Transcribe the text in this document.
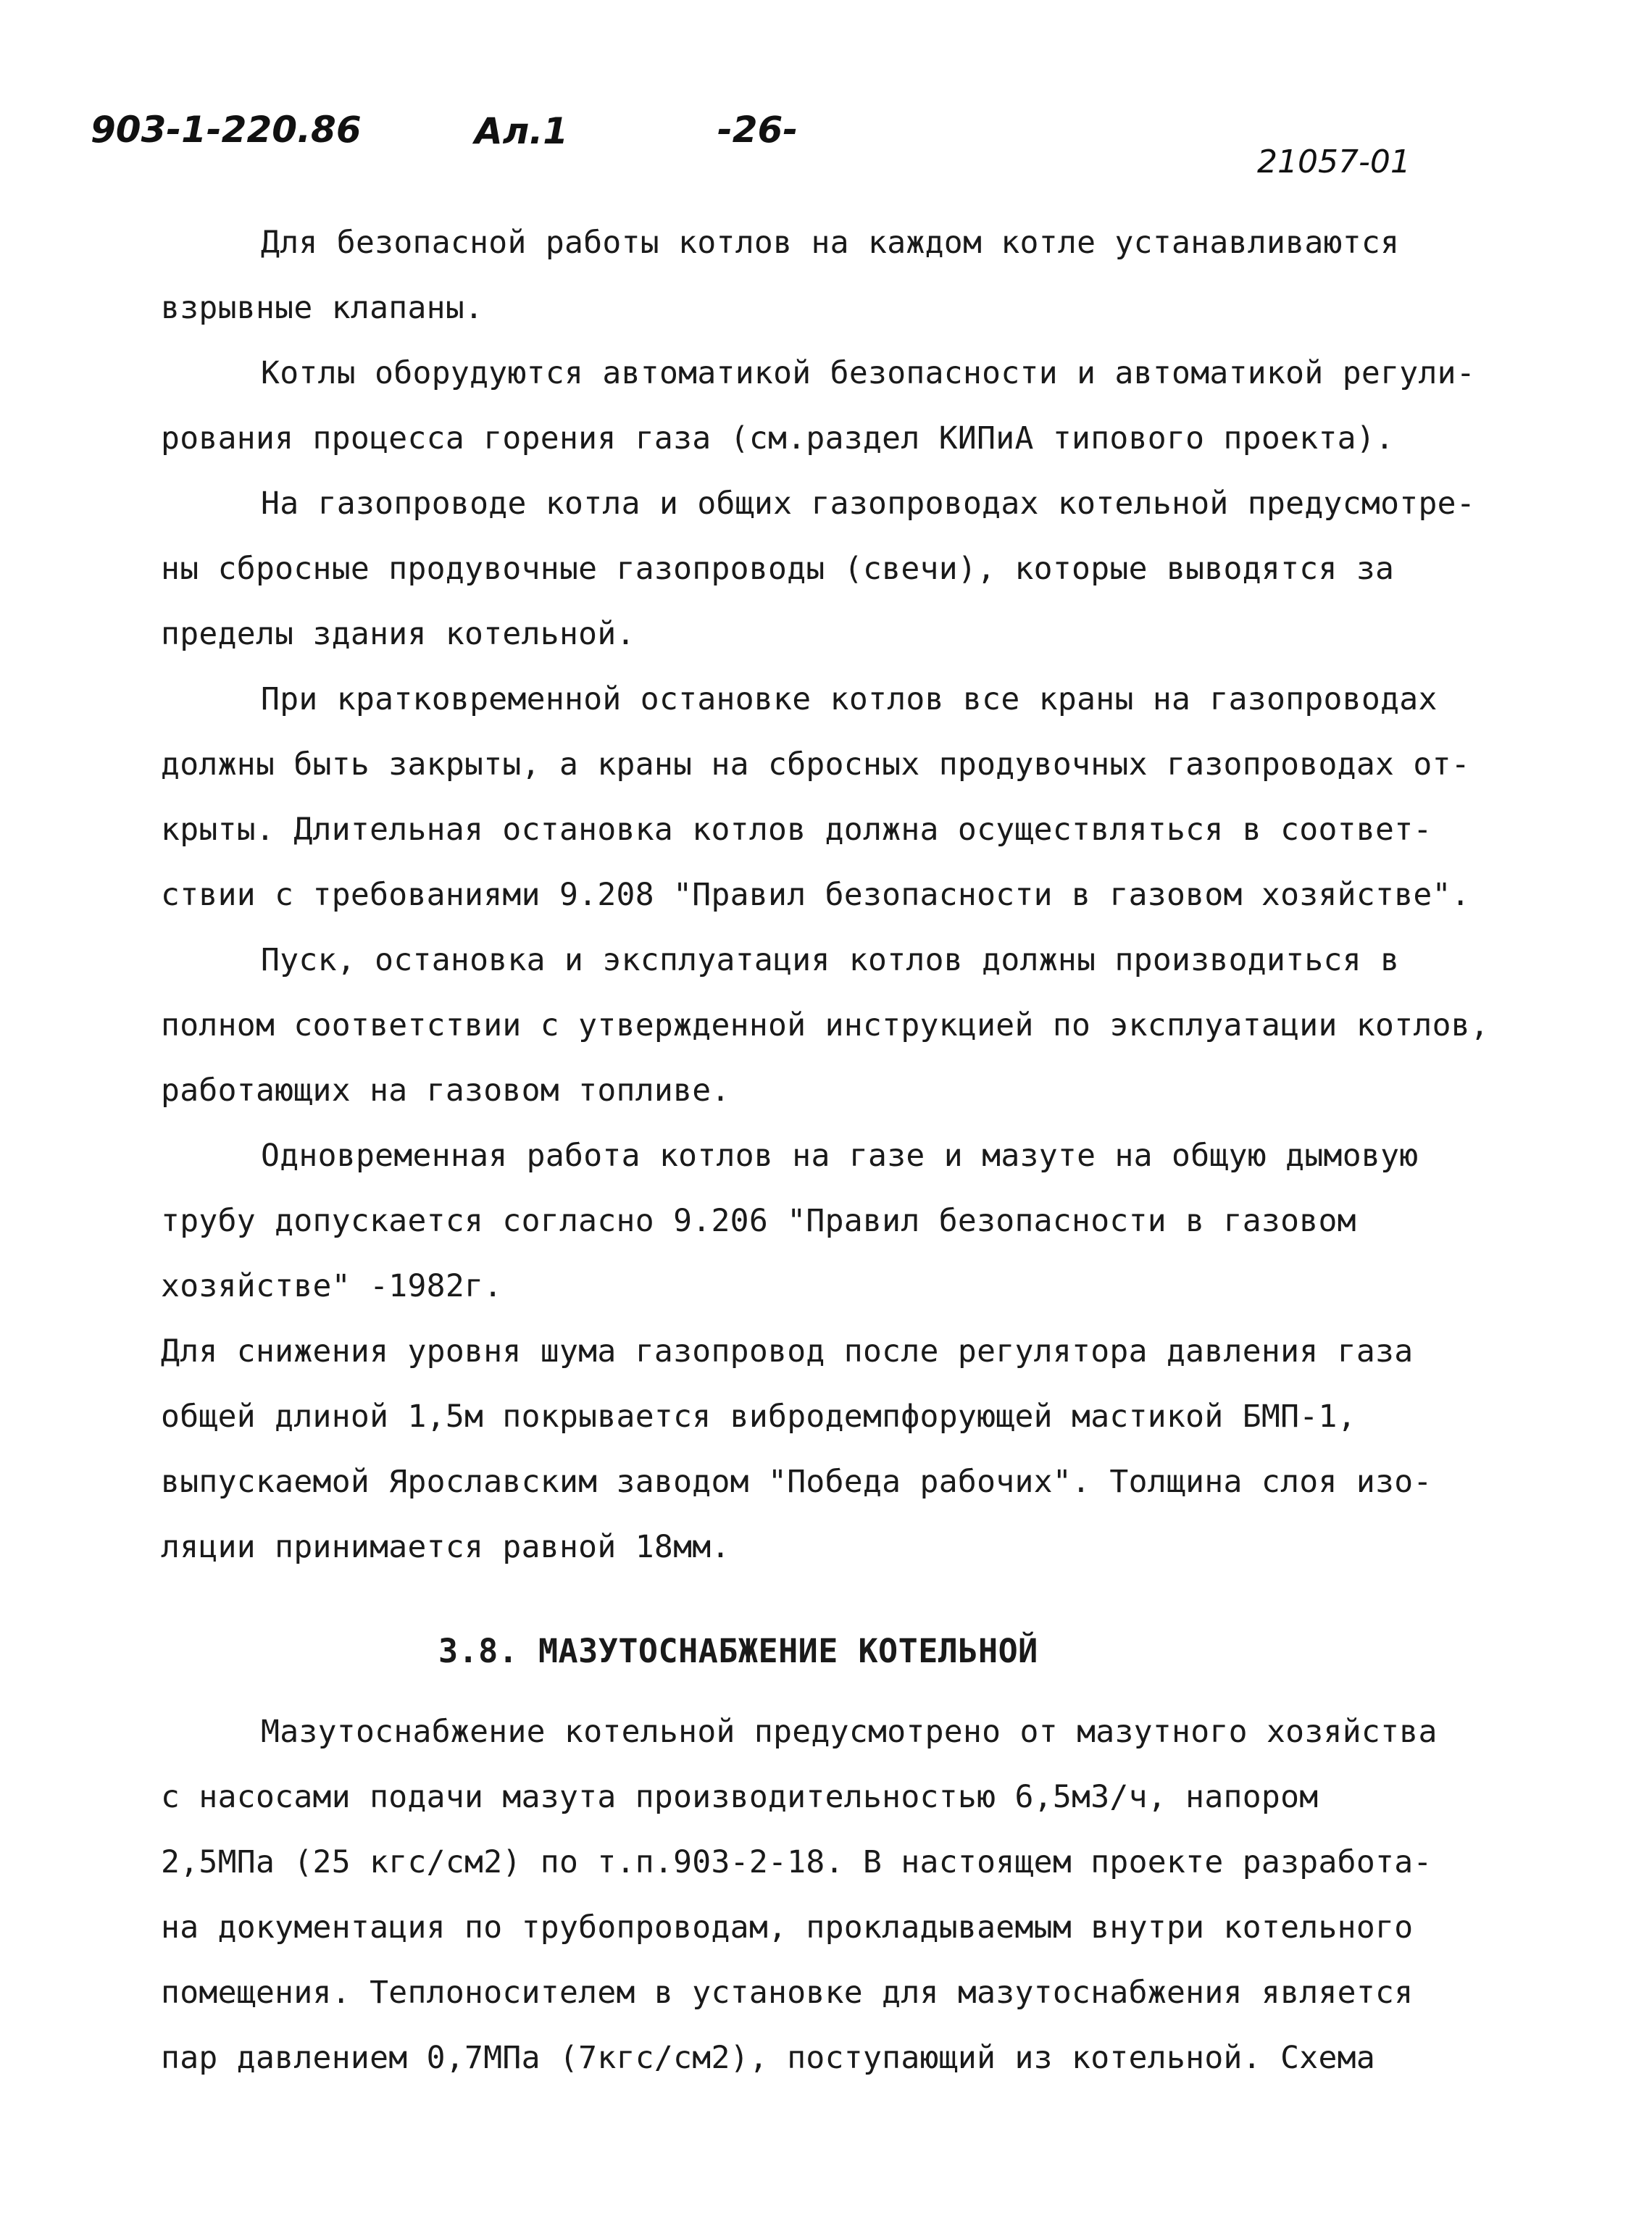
903-1-220.86	Ал.1	-26-
21057-01
Для безопасной работы котлов на каждом котле устанавливаются
взрывные клапаны.
Котлы оборудуются автоматикой безопасности и автоматикой регули-
рования процесса горения газа (см.раздел КИПиА типового проекта).
На газопроводе котла и общих газопроводах котельной предусмотре-
ны сбросные продувочные газопроводы (свечи), которые выводятся за
пределы здания котельной.
При кратковременной остановке котлов все краны на газопроводах
должны быть закрыты, а краны на сбросных продувочных газопроводах от-
крыты. Длительная остановка котлов должна осуществляться в соответ-
ствии с требованиями 9.208 "Правил безопасности в газовом хозяйстве".
Пуск, остановка и эксплуатация котлов должны производиться в
полном соответствии с утвержденной инструкцией по эксплуатации котлов,
работающих на газовом топливе.
Одновременная работа котлов на газе и мазуте на общую дымовую
трубу допускается согласно 9.206 "Правил безопасности в газовом
хозяйстве" -1982г.
Для снижения уровня шума газопровод после регулятора давления газа
общей длиной 1,5м покрывается вибродемпфорующей мастикой БМП-1,
выпускаемой Ярославским заводом "Победа рабочих". Толщина слоя изо-
ляции принимается равной 18мм.
3.8. МАЗУТОСНАБЖЕНИЕ КОТЕЛЬНОЙ
Мазутоснабжение котельной предусмотрено от мазутного хозяйства
с насосами подачи мазута производительностью 6,5м3/ч, напором
2,5МПа (25 кгс/см2) по т.п.903-2-18. В настоящем проекте разработа-
на документация по трубопроводам, прокладываемым внутри котельного
помещения. Теплоносителем в установке для мазутоснабжения является
пар давлением 0,7МПа (7кгс/см2), поступающий из котельной. Схема
